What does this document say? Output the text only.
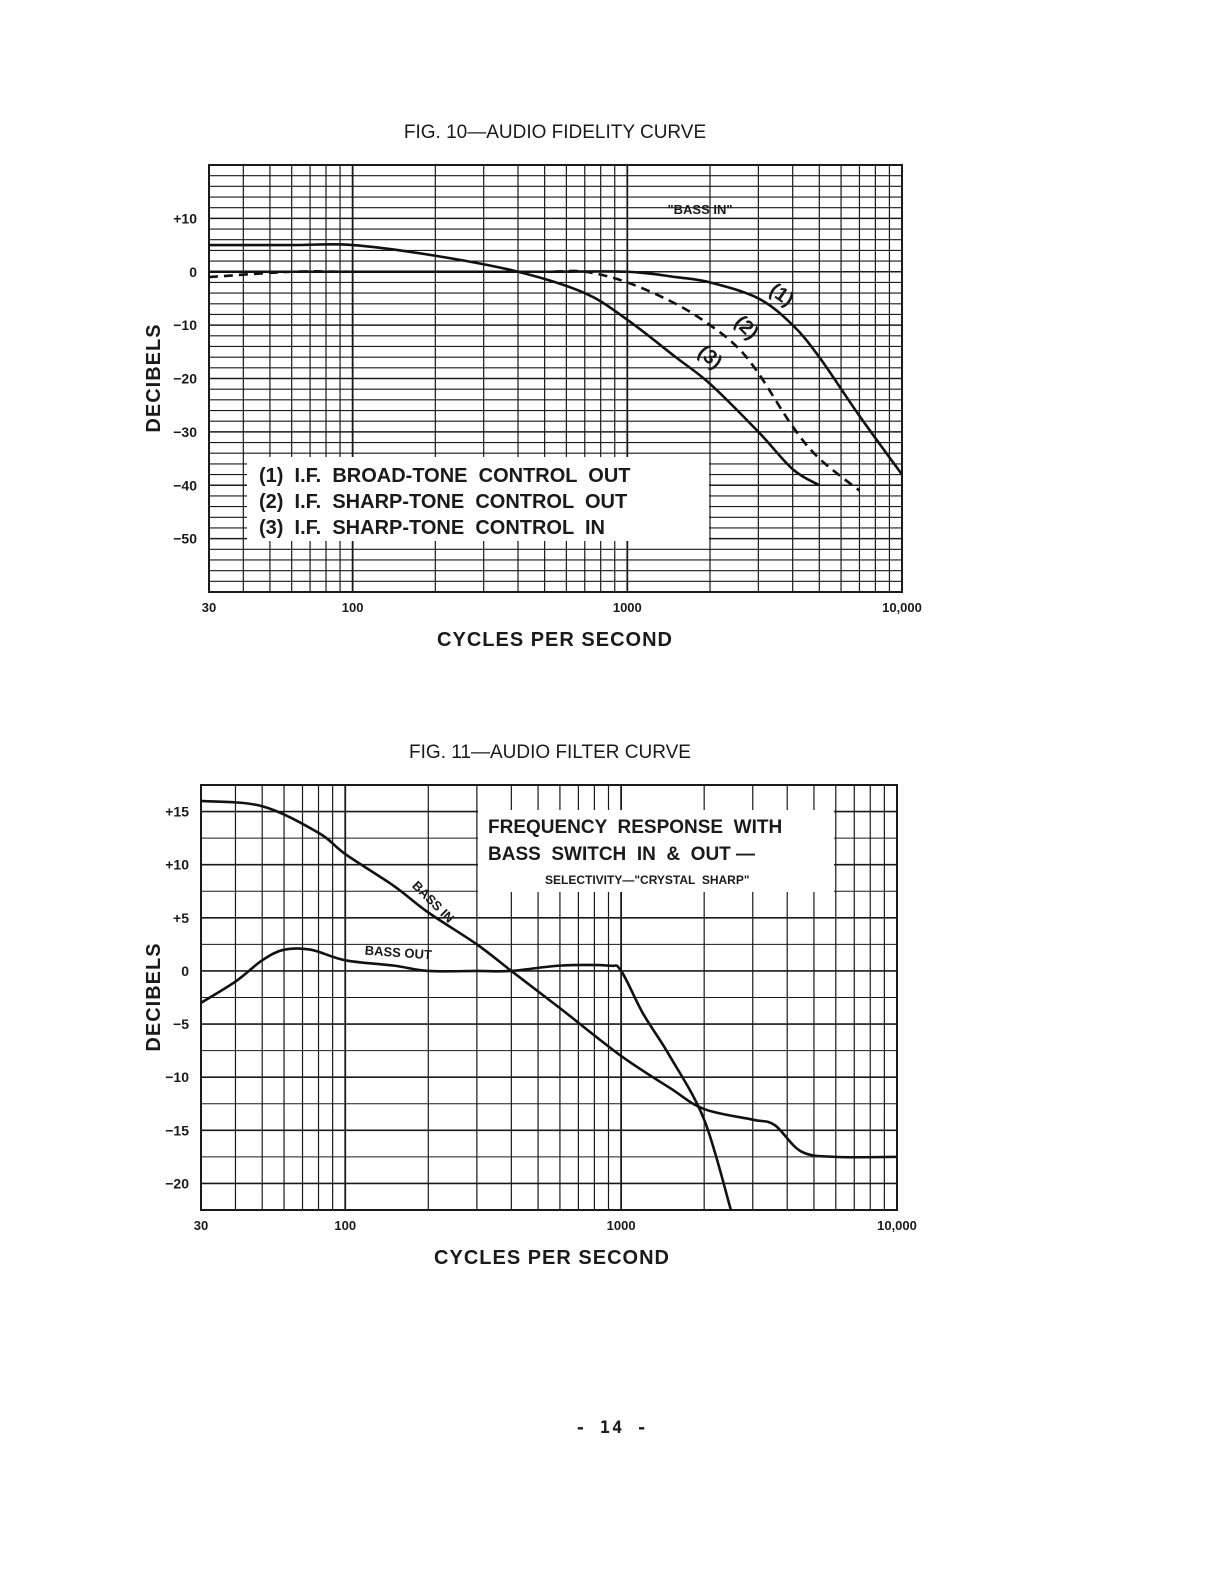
FIG. 10—AUDIO FIDELITY CURVE
CYCLES PER SECOND
DECIBELS
"BASS IN"
(1)  I.F.  BROAD-TONE  CONTROL  OUT
(2)  I.F.  SHARP-TONE  CONTROL  OUT
(3)  I.F.  SHARP-TONE  CONTROL  IN
30	100	1000	10,000
+10
0
−10
−20
−30
−40
−50
(1)
(2)
(3)
FIG. 11—AUDIO FILTER CURVE
CYCLES PER SECOND
DECIBELS
FREQUENCY  RESPONSE  WITH
BASS  SWITCH  IN  &  OUT —
SELECTIVITY—"CRYSTAL  SHARP"
30	100	1000	10,000
+15
+10
+5
0
−5
−10
−15
−20
BASS IN
BASS OUT
- 14 -
